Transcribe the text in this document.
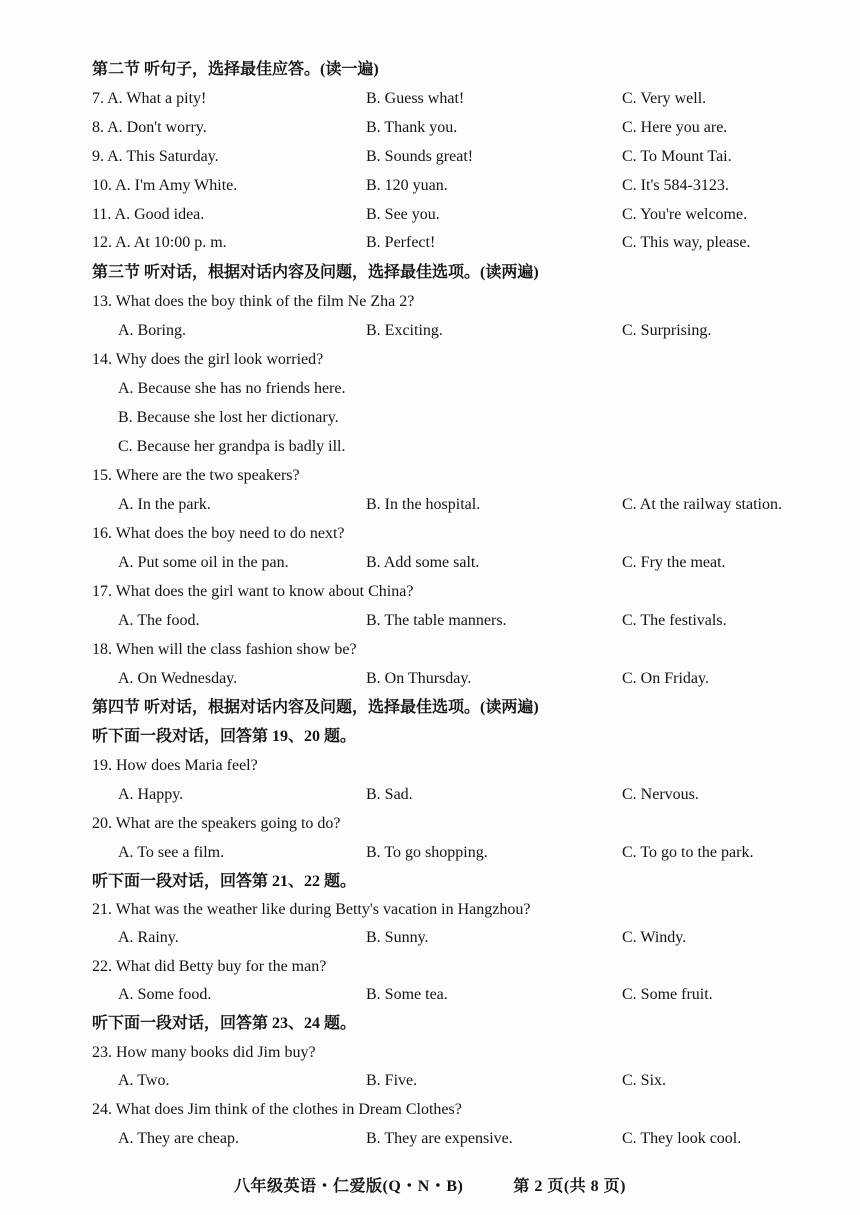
第二节 听句子，选择最佳应答。(读一遍)
7. A. What a pity!	B. Guess what!	C. Very well.
8. A. Don't worry.	B. Thank you.	C. Here you are.
9. A. This Saturday.	B. Sounds great!	C. To Mount Tai.
10. A. I'm Amy White.	B. 120 yuan.	C. It's 584-3123.
11. A. Good idea.	B. See you.	C. You're welcome.
12. A. At 10:00 p. m.	B. Perfect!	C. This way, please.
第三节 听对话，根据对话内容及问题，选择最佳选项。(读两遍)
13. What does the boy think of the film Ne Zha 2?
A. Boring.	B. Exciting.	C. Surprising.
14. Why does the girl look worried?
A. Because she has no friends here.
B. Because she lost her dictionary.
C. Because her grandpa is badly ill.
15. Where are the two speakers?
A. In the park.	B. In the hospital.	C. At the railway station.
16. What does the boy need to do next?
A. Put some oil in the pan.	B. Add some salt.	C. Fry the meat.
17. What does the girl want to know about China?
A. The food.	B. The table manners.	C. The festivals.
18. When will the class fashion show be?
A. On Wednesday.	B. On Thursday.	C. On Friday.
第四节 听对话，根据对话内容及问题，选择最佳选项。(读两遍)
听下面一段对话，回答第 19、20 题。
19. How does Maria feel?
A. Happy.	B. Sad.	C. Nervous.
20. What are the speakers going to do?
A. To see a film.	B. To go shopping.	C. To go to the park.
听下面一段对话，回答第 21、22 题。
21. What was the weather like during Betty's vacation in Hangzhou?
A. Rainy.	B. Sunny.	C. Windy.
22. What did Betty buy for the man?
A. Some food.	B. Some tea.	C. Some fruit.
听下面一段对话，回答第 23、24 题。
23. How many books did Jim buy?
A. Two.	B. Five.	C. Six.
24. What does Jim think of the clothes in Dream Clothes?
A. They are cheap.	B. They are expensive.	C. They look cool.
八年级英语・仁爱版(Q・N・B)	第 2 页(共 8 页)
